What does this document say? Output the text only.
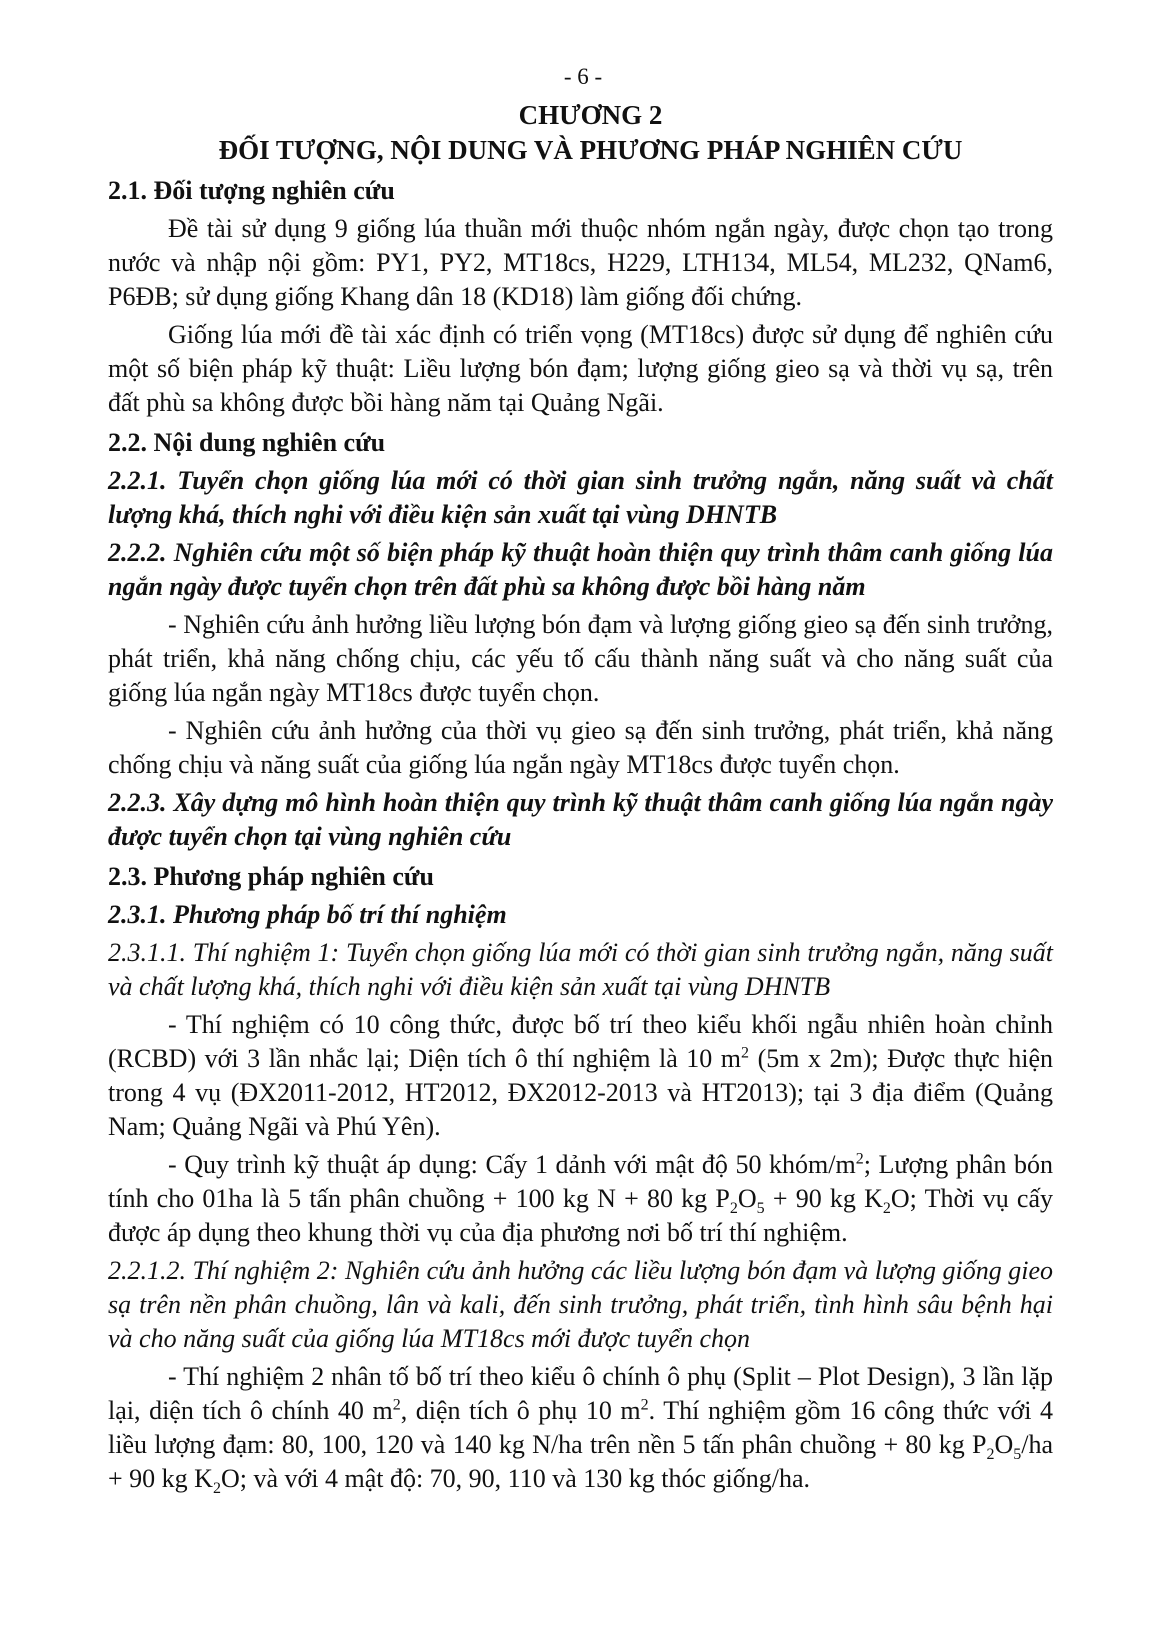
- 6 -
CHƯƠNG 2
ĐỐI TƯỢNG, NỘI DUNG VÀ PHƯƠNG PHÁP NGHIÊN CỨU
2.1. Đối tượng nghiên cứu
Đề tài sử dụng 9 giống lúa thuần mới thuộc nhóm ngắn ngày, được chọn tạo trong nước và nhập nội gồm: PY1, PY2, MT18cs, H229, LTH134, ML54, ML232, QNam6, P6ĐB; sử dụng giống Khang dân 18 (KD18) làm giống đối chứng.
Giống lúa mới đề tài xác định có triển vọng (MT18cs) được sử dụng để nghiên cứu một số biện pháp kỹ thuật: Liều lượng bón đạm; lượng giống gieo sạ và thời vụ sạ, trên đất phù sa không được bồi hàng năm tại Quảng Ngãi.
2.2. Nội dung nghiên cứu
2.2.1. Tuyển chọn giống lúa mới có thời gian sinh trưởng ngắn, năng suất và chất lượng khá, thích nghi với điều kiện sản xuất tại vùng DHNTB
2.2.2. Nghiên cứu một số biện pháp kỹ thuật hoàn thiện quy trình thâm canh giống lúa ngắn ngày được tuyển chọn trên đất phù sa không được bồi hàng năm
- Nghiên cứu ảnh hưởng liều lượng bón đạm và lượng giống gieo sạ đến sinh trưởng, phát triển, khả năng chống chịu, các yếu tố cấu thành năng suất và cho năng suất của giống lúa ngắn ngày MT18cs được tuyển chọn.
- Nghiên cứu ảnh hưởng của thời vụ gieo sạ đến sinh trưởng, phát triển, khả năng chống chịu và năng suất của giống lúa ngắn ngày MT18cs được tuyển chọn.
2.2.3. Xây dựng mô hình hoàn thiện quy trình kỹ thuật thâm canh giống lúa ngắn ngày được tuyển chọn tại vùng nghiên cứu
2.3. Phương pháp nghiên cứu
2.3.1. Phương pháp bố trí thí nghiệm
2.3.1.1. Thí nghiệm 1: Tuyển chọn giống lúa mới có thời gian sinh trưởng ngắn, năng suất và chất lượng khá, thích nghi với điều kiện sản xuất tại vùng DHNTB
- Thí nghiệm có 10 công thức, được bố trí theo kiểu khối ngẫu nhiên hoàn chỉnh (RCBD) với 3 lần nhắc lại; Diện tích ô thí nghiệm là 10 $m^2$ (5m x 2m); Được thực hiện trong 4 vụ (ĐX2011-2012, HT2012, ĐX2012-2013 và HT2013); tại 3 địa điểm (Quảng Nam; Quảng Ngãi và Phú Yên).
- Quy trình kỹ thuật áp dụng: Cấy 1 dảnh với mật độ 50 khóm/$m^2$; Lượng phân bón tính cho 01ha là 5 tấn phân chuồng + 100 kg N + 80 kg $P_2O_5 + 90$ kg $K_2O$; Thời vụ cấy được áp dụng theo khung thời vụ của địa phương nơi bố trí thí nghiệm.
2.2.1.2. Thí nghiệm 2: Nghiên cứu ảnh hưởng các liều lượng bón đạm và lượng giống gieo sạ trên nền phân chuồng, lân và kali, đến sinh trưởng, phát triển, tình hình sâu bệnh hại và cho năng suất của giống lúa MT18cs mới được tuyển chọn
- Thí nghiệm 2 nhân tố bố trí theo kiểu ô chính ô phụ (Split – Plot Design), 3 lần lặp lại, diện tích ô chính 40 $m^2$, diện tích ô phụ 10 $m^2$. Thí nghiệm gồm 16 công thức với 4 liều lượng đạm: 80, 100, 120 và 140 kg N/ha trên nền 5 tấn phân chuồng + 80 kg $P_2O_5/ha + 90$ kg $K_2O$; và với 4 mật độ: 70, 90, 110 và 130 kg thóc giống/ha.
